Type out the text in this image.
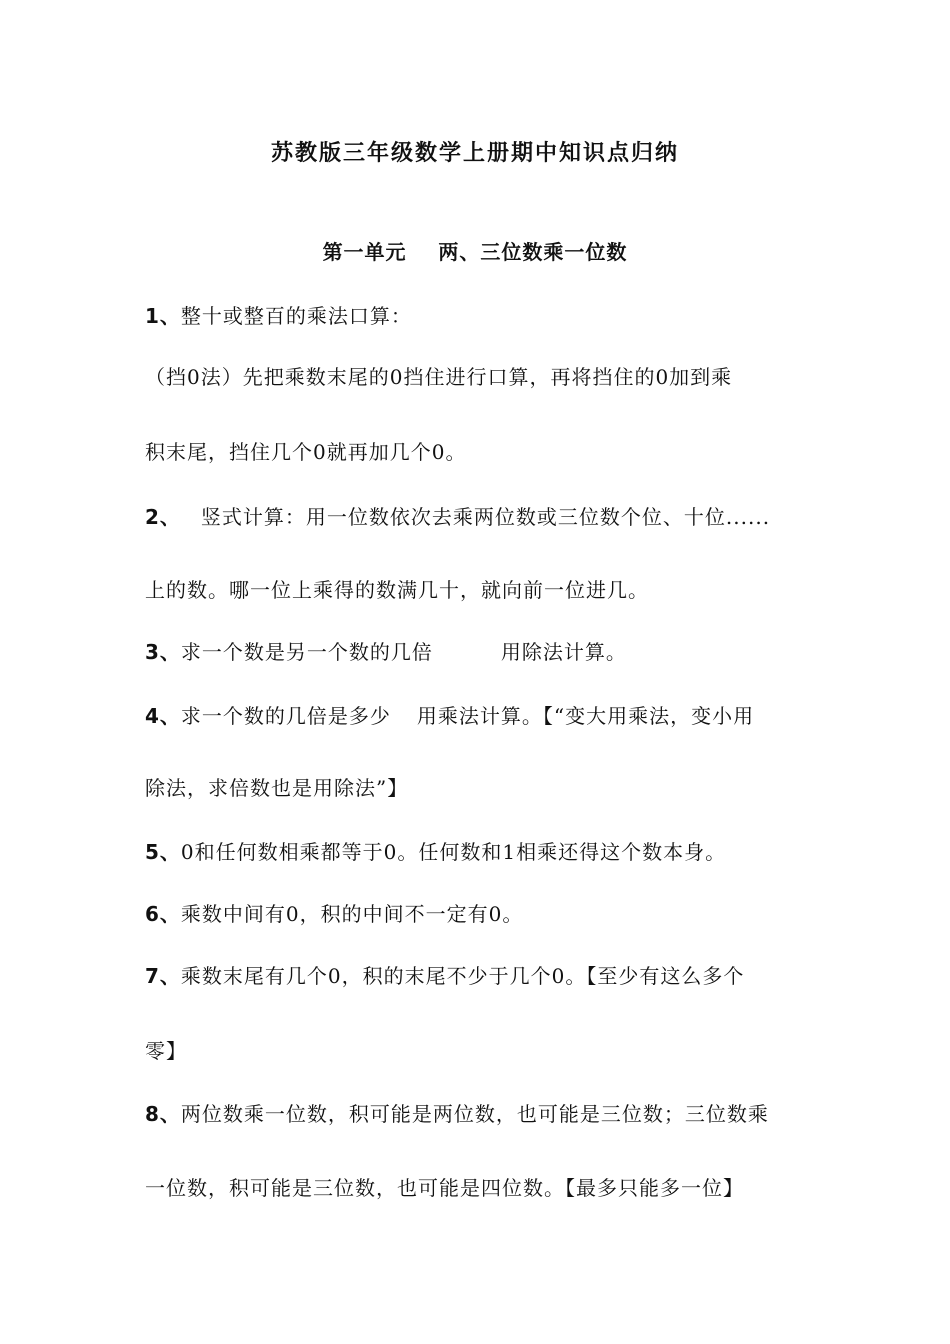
苏教版三年级数学上册期中知识点归纳
第一单元    两、三位数乘一位数
1、整十或整百的乘法口算：
（挡0法）先把乘数末尾的0挡住进行口算，再将挡住的0加到乘
积末尾，挡住几个0就再加几个0。
2、 竖式计算：用一位数依次去乘两位数或三位数个位、十位......
上的数。哪一位上乘得的数满几十，就向前一位进几。
3、求一个数是另一个数的几倍	用除法计算。
4、求一个数的几倍是多少 用乘法计算。【“变大用乘法，变小用
除法，求倍数也是用除法”】
5、0和任何数相乘都等于0。任何数和1相乘还得这个数本身。
6、乘数中间有0，积的中间不一定有0。
7、乘数末尾有几个0，积的末尾不少于几个0。【至少有这么多个
零】
8、两位数乘一位数，积可能是两位数，也可能是三位数；三位数乘
一位数，积可能是三位数，也可能是四位数。【最多只能多一位】
